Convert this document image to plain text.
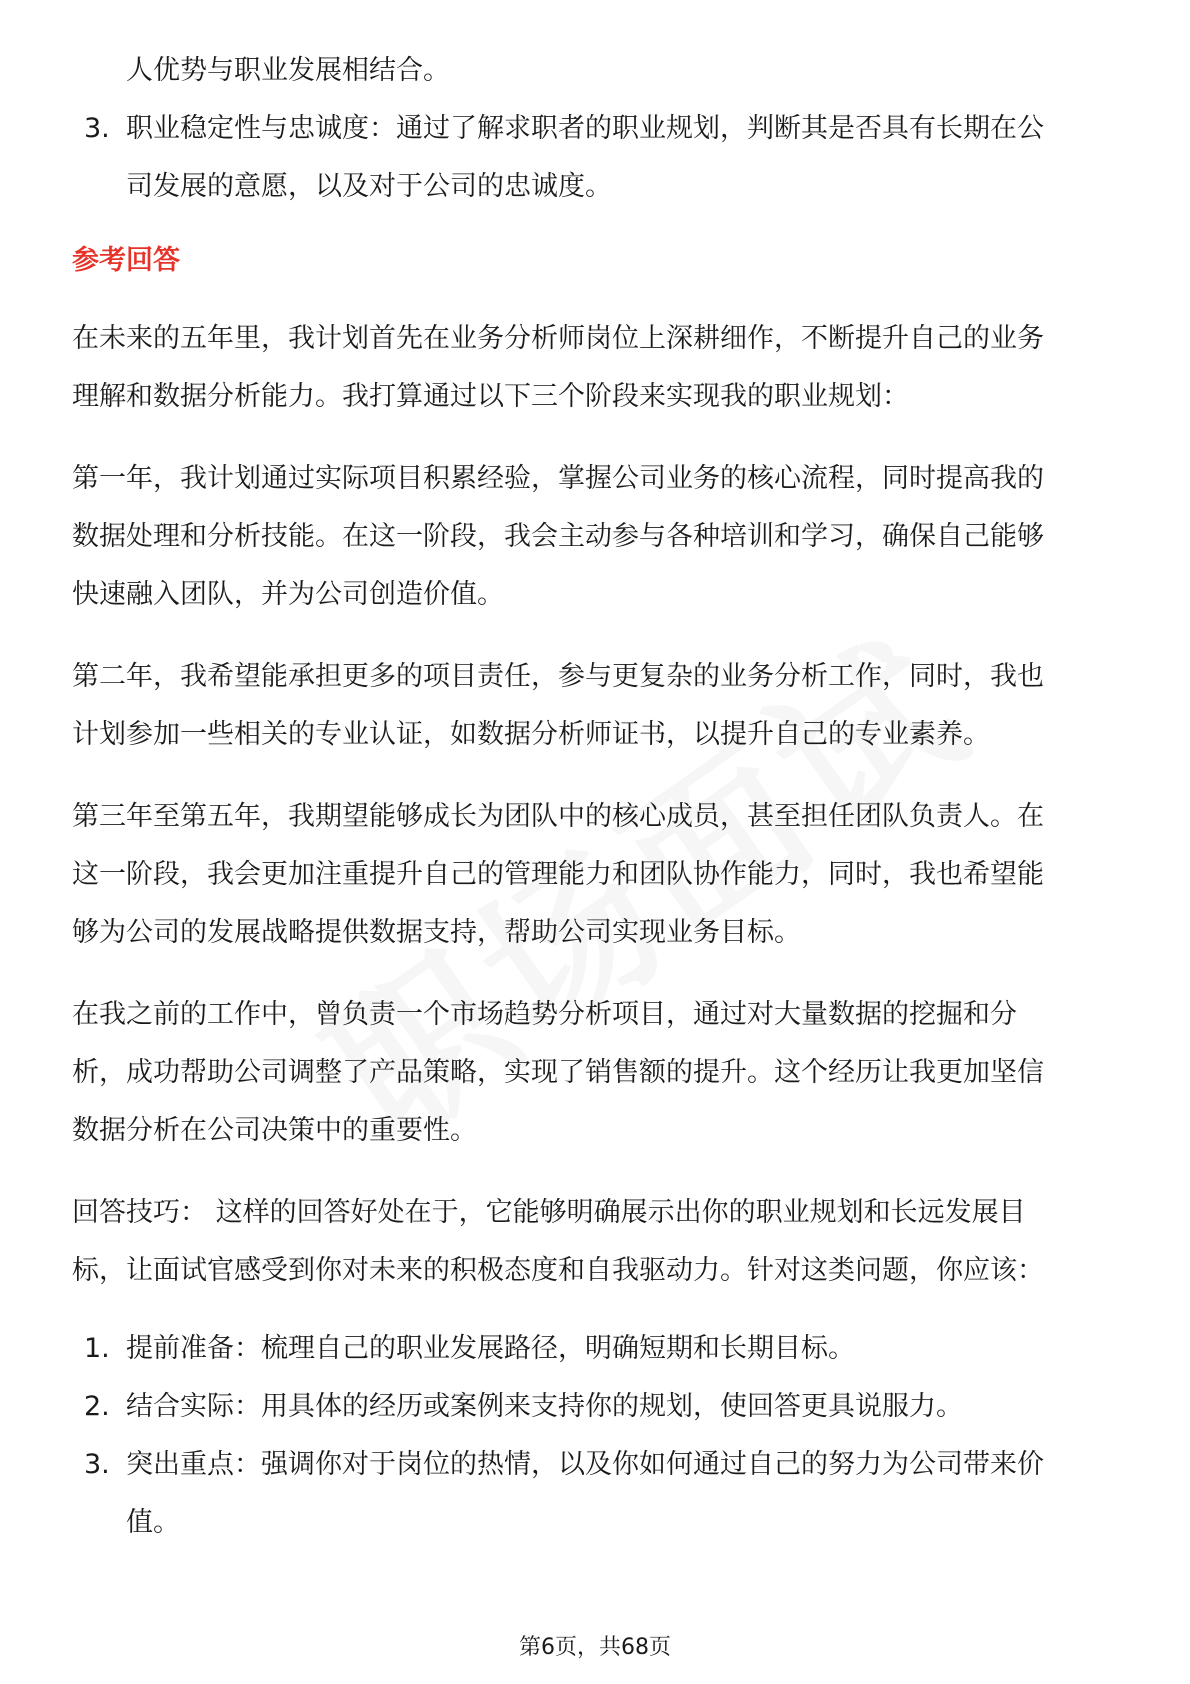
人优势与职业发展相结合。
3. 职业稳定性与忠诚度：通过了解求职者的职业规划，判断其是否具有长期在公
司发展的意愿，以及对于公司的忠诚度。
参考回答
在未来的五年里，我计划首先在业务分析师岗位上深耕细作，不断提升自己的业务
理解和数据分析能力。我打算通过以下三个阶段来实现我的职业规划：
第一年，我计划通过实际项目积累经验，掌握公司业务的核心流程，同时提高我的
数据处理和分析技能。在这一阶段，我会主动参与各种培训和学习，确保自己能够
快速融入团队，并为公司创造价值。
第二年，我希望能承担更多的项目责任，参与更复杂的业务分析工作，同时，我也
计划参加一些相关的专业认证，如数据分析师证书，以提升自己的专业素养。
第三年至第五年，我期望能够成长为团队中的核心成员，甚至担任团队负责人。在
这一阶段，我会更加注重提升自己的管理能力和团队协作能力，同时，我也希望能
够为公司的发展战略提供数据支持，帮助公司实现业务目标。
在我之前的工作中，曾负责一个市场趋势分析项目，通过对大量数据的挖掘和分
析，成功帮助公司调整了产品策略，实现了销售额的提升。这个经历让我更加坚信
数据分析在公司决策中的重要性。
回答技巧： 这样的回答好处在于，它能够明确展示出你的职业规划和长远发展目
标，让面试官感受到你对未来的积极态度和自我驱动力。针对这类问题，你应该：
1. 提前准备：梳理自己的职业发展路径，明确短期和长期目标。
2. 结合实际：用具体的经历或案例来支持你的规划，使回答更具说服力。
3. 突出重点：强调你对于岗位的热情，以及你如何通过自己的努力为公司带来价
值。
第6页，共68页
